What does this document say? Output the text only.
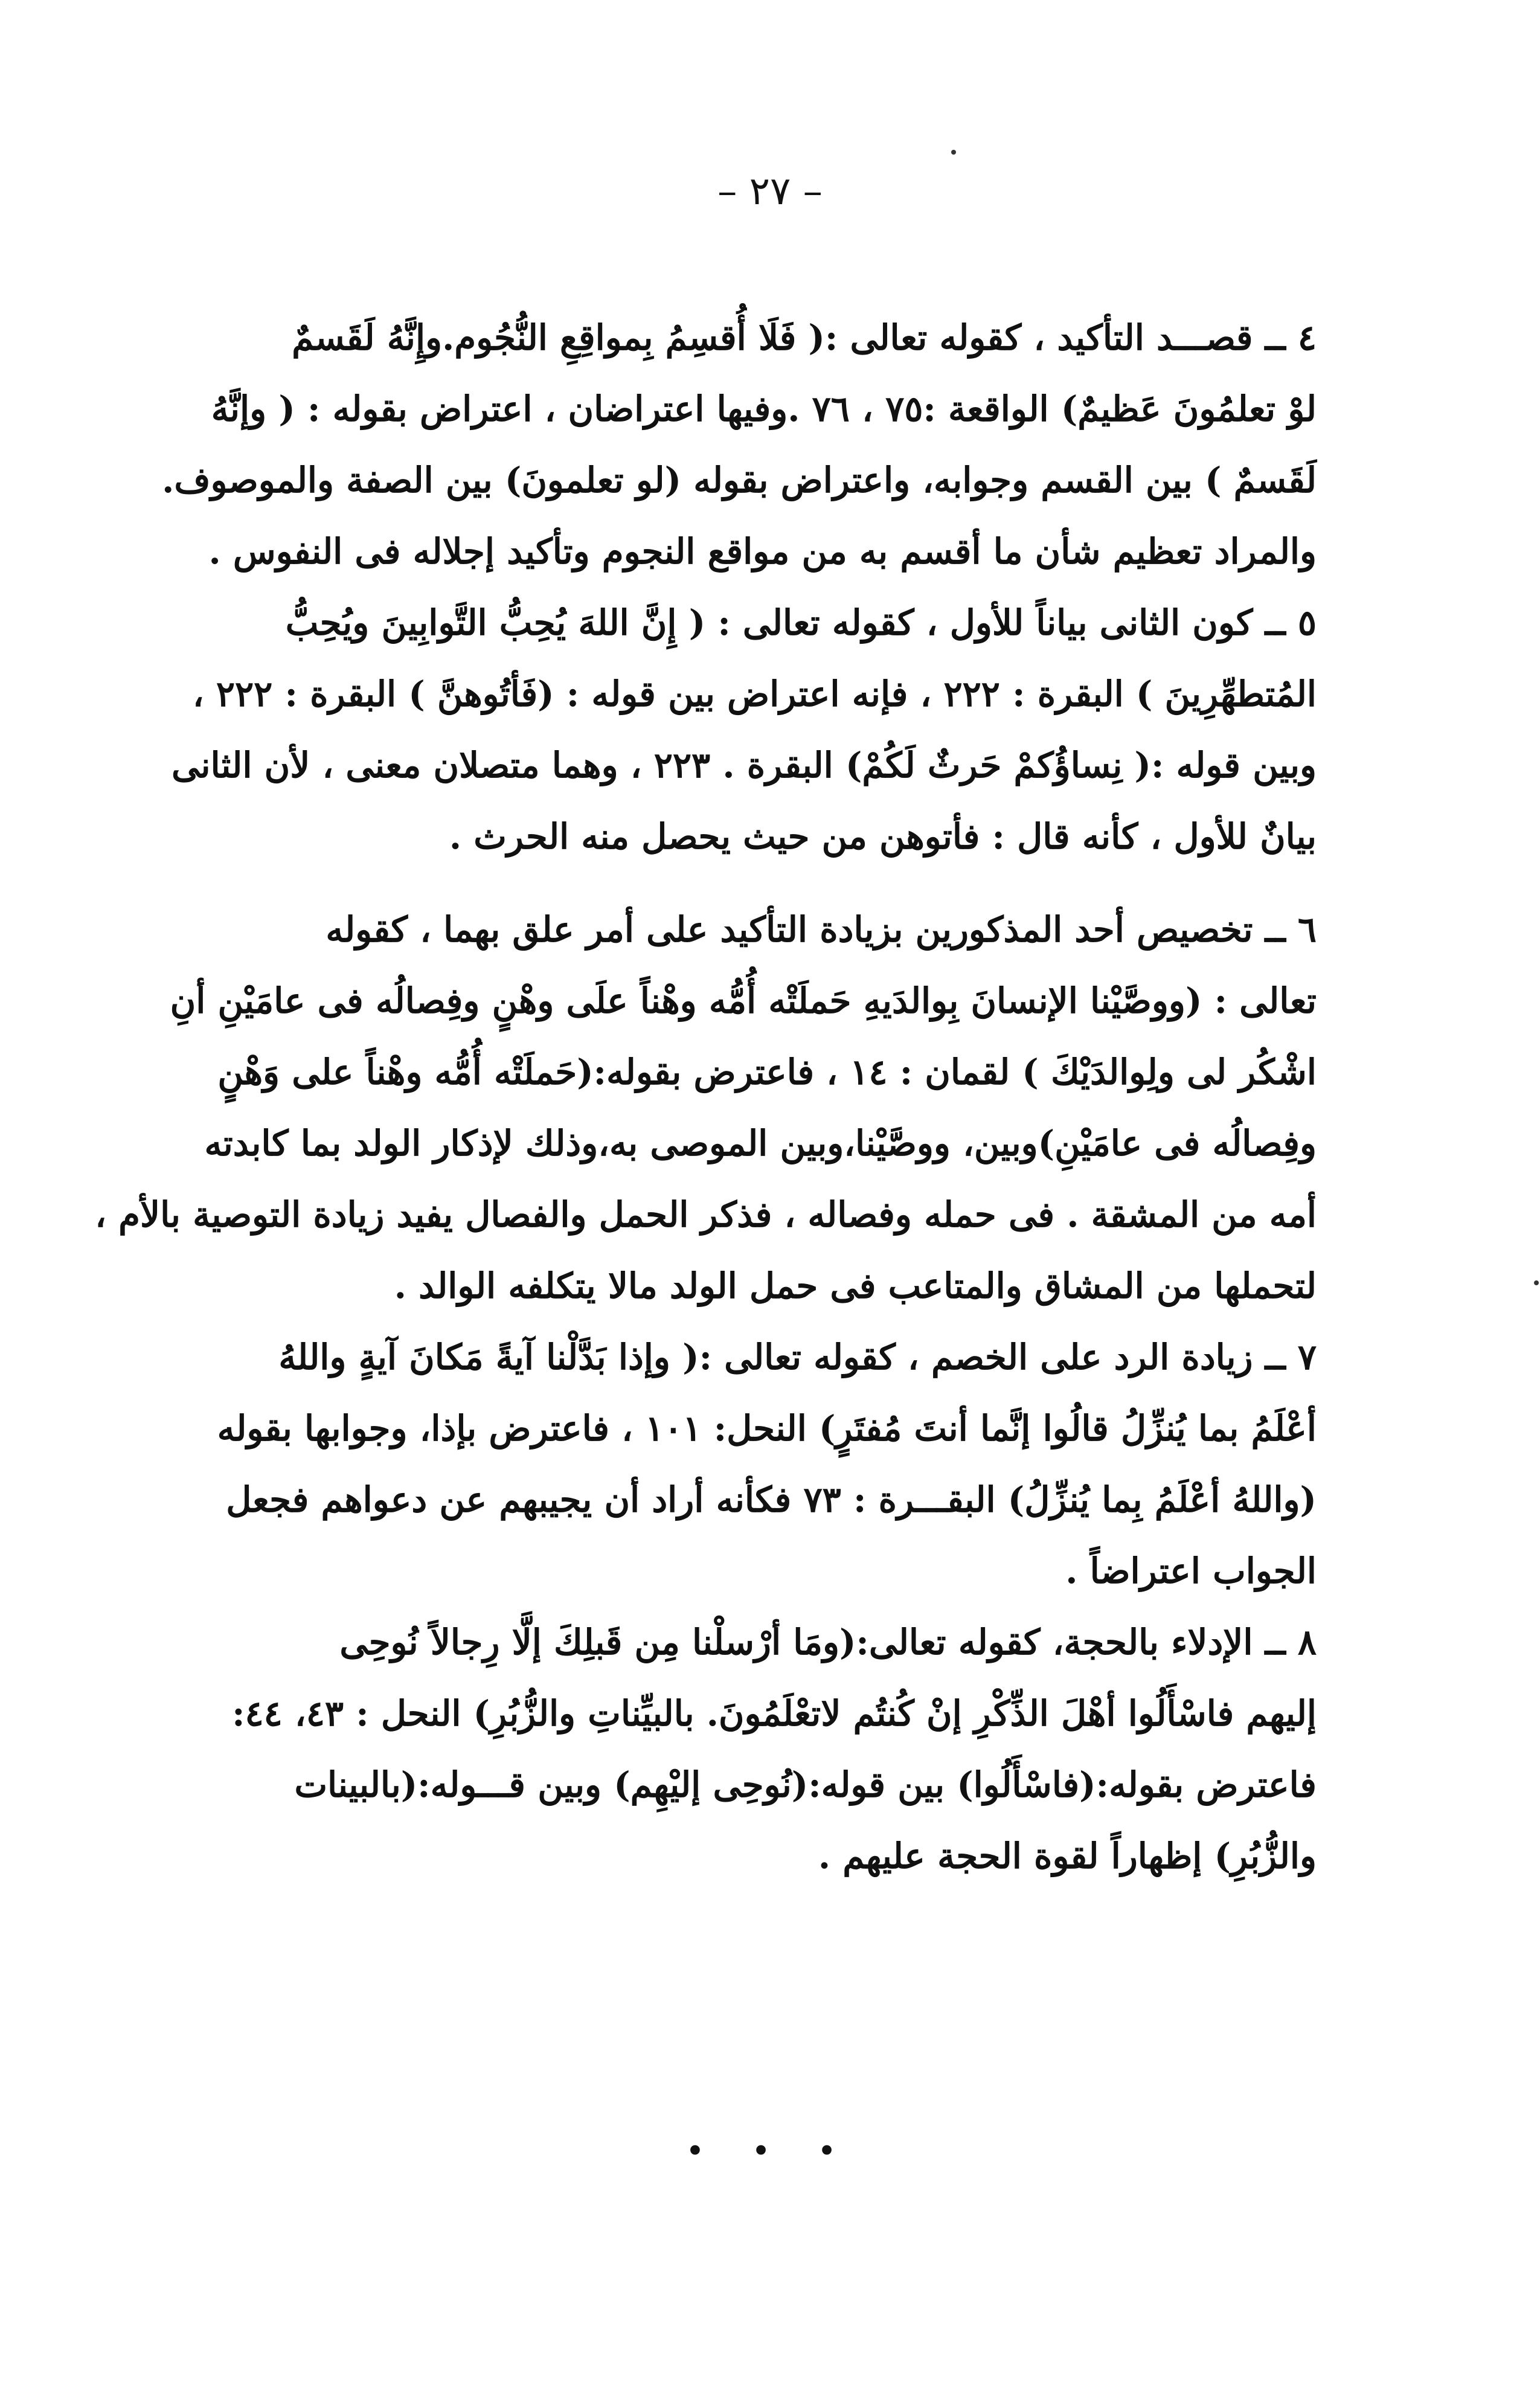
– ٢٧ –
٤ ــ قصـــد التأكيد ، كقوله تعالى :( فَلَا أُقسِمُ بِمواقِعِ النُّجُوم.وإِنَّهُ لَقَسمٌ
لوْ تعلمُونَ عَظيمٌ) الواقعة :٧٥ ، ٧٦ .وفيها اعتراضان ، اعتراض بقوله : ( وإنَّهُ
لَقَسمٌ ) بين القسم وجوابه، واعتراض بقوله (لو تعلمونَ) بين الصفة والموصوف.
والمراد تعظيم شأن ما أقسم به من مواقع النجوم وتأكيد إجلاله فى النفوس .
٥ ــ كون الثانى بياناً للأول ، كقوله تعالى : ( إِنَّ اللهَ يُحِبُّ التَّوابِينَ ويُحِبُّ
المُتطهِّرِينَ ) البقرة : ٢٢٢ ، فإنه اعتراض بين قوله : (فَأتُوهنَّ ) البقرة : ٢٢٢ ،
وبين قوله :( نِساؤُكمْ حَرثٌ لَكُمْ) البقرة . ٢٢٣ ، وهما متصلان معنى ، لأن الثانى
بيانٌ للأول ، كأنه قال : فأتوهن من حيث يحصل منه الحرث .
٦ ــ تخصيص أحد المذكورين بزيادة التأكيد على أمر علق بهما ، كقوله
تعالى : (ووصَّيْنا الإنسانَ بِوالدَيهِ حَملَتْه أُمُّه وهْناً علَى وهْنٍ وفِصالُه فى عامَيْنِ أنِ
اشْكُر لى ولِوالدَيْكَ ) لقمان : ١٤ ، فاعترض بقوله:(حَملَتْه أُمُّه وهْناً على وَهْنٍ
وفِصالُه فى عامَيْنِ)وبين، ووصَّيْنا،وبين الموصى به،وذلك لإذكار الولد بما كابدته
أمه من المشقة . فى حمله وفصاله ، فذكر الحمل والفصال يفيد زيادة التوصية بالأم ،
لتحملها من المشاق والمتاعب فى حمل الولد مالا يتكلفه الوالد .
٧ ــ زيادة الرد على الخصم ، كقوله تعالى :( وإذا بَدَّلْنا آيةً مَكانَ آيةٍ واللهُ
أعْلَمُ بما يُنزِّلُ قالُوا إنَّما أنتَ مُفتَرٍ) النحل: ١٠١ ، فاعترض بإذا، وجوابها بقوله
(واللهُ أعْلَمُ بِما يُنزِّلُ) البقـــرة : ٧٣ فكأنه أراد أن يجيبهم عن دعواهم فجعل
الجواب اعتراضاً .
٨ ــ الإدلاء بالحجة، كقوله تعالى:(ومَا أرْسلْنا مِن قَبلِكَ إلَّا رِجالاً نُوحِى
إليهم فاسْأَلُوا أهْلَ الذِّكْرِ إنْ كُنتُم لاتعْلَمُونَ. بالبيِّناتِ والزُّبُرِ) النحل : ٤٣، ٤٤:
فاعترض بقوله:(فاسْأَلُوا) بين قوله:(نُوحِى إليْهِم) وبين قـــوله:(بالبينات
والزُّبُرِ) إظهاراً لقوة الحجة عليهم .
• • •
